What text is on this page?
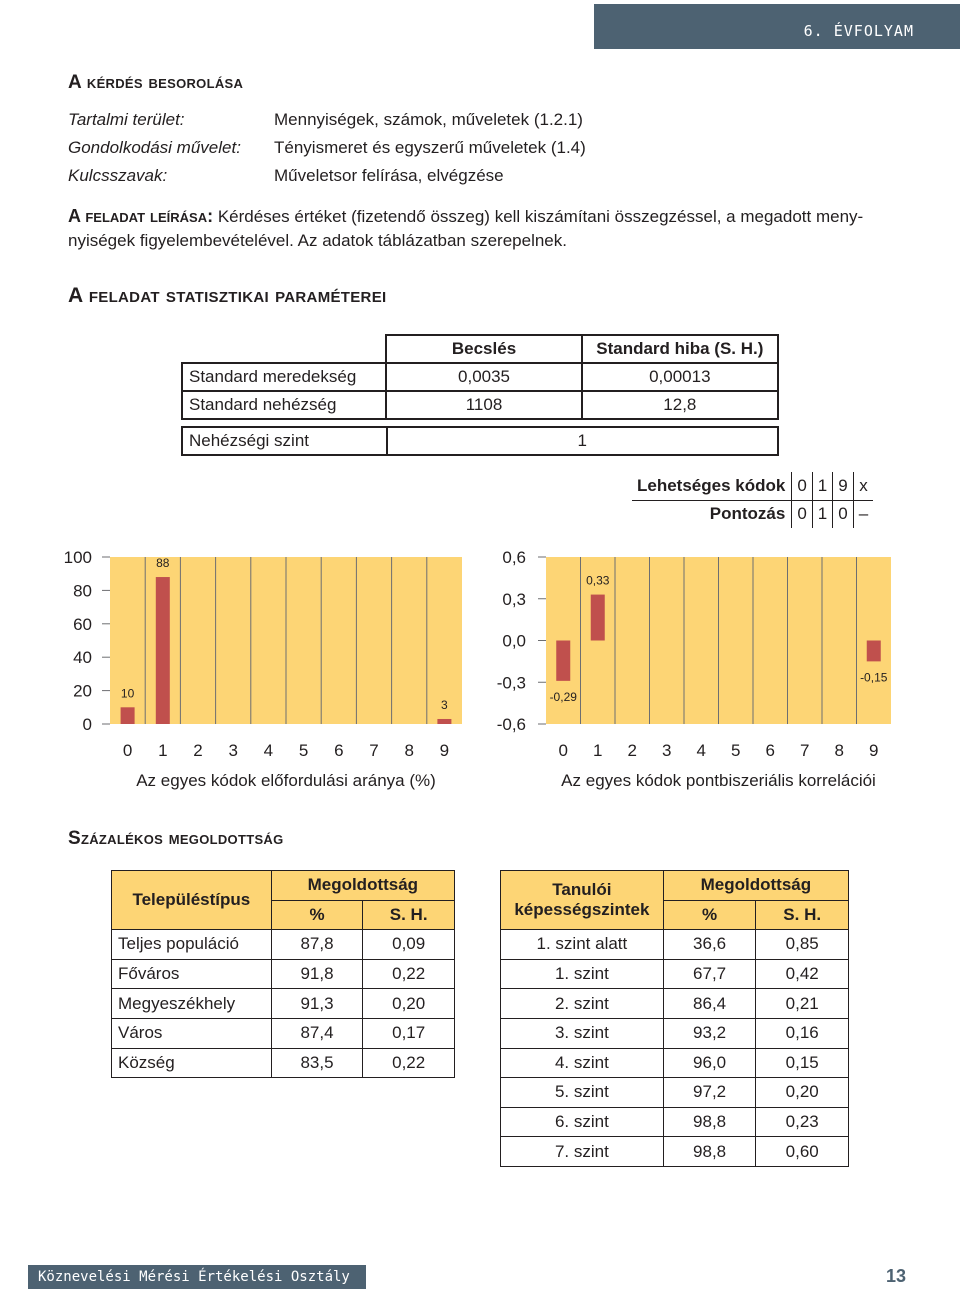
6. ÉVFOLYAM
A kérdés besorolása
Tartalmi terület:	Mennyiségek, számok, műveletek (1.2.1)
Gondolkodási művelet: Tényismeret és egyszerű műveletek (1.4)
Kulcsszavak:	Műveletsor felírása, elvégzése
A feladat leírása: Kérdéses értéket (fizetendő összeg) kell kiszámítani összegzéssel, a megadott meny-
nyiségek figyelembevételével. Az adatok táblázatban szerepelnek.
A feladat statisztikai paraméterei
	Becslés	Standard hiba (S. H.)
Standard meredekség	0,0035	0,00013
Standard nehézség	1108	12,8
Nehézségi szint	1
Lehetséges kódok	0	1	9	x
Pontozás	0	1	0	–
0
20
40
60
80
100
10
0
88
1 2 3 4 5 6 7 8
3
9
Az egyes kódok előfordulási aránya (%)
-0,6
-0,3
0,0
0,3
0,6
-0,29
0
0,33
1 2 3 4 5 6 7 8
-0,15
9
Az egyes kódok pontbiszeriális korrelációi
Százalékos megoldottság
Településtípus	Megoldottság	
	%	S. H.
Teljes populáció	87,8	0,09
Főváros	91,8	0,22
Megyeszékhely	91,3	0,20
Város	87,4	0,17
Község	83,5	0,22
Tanulói
képességszintek	Megoldottság	
	%	S. H.
1. szint alatt	36,6	0,85
1. szint	67,7	0,42
2. szint	86,4	0,21
3. szint	93,2	0,16
4. szint	96,0	0,15
5. szint	97,2	0,20
6. szint	98,8	0,23
7. szint	98,8	0,60
Köznevelési Mérési Értékelési Osztály	13
